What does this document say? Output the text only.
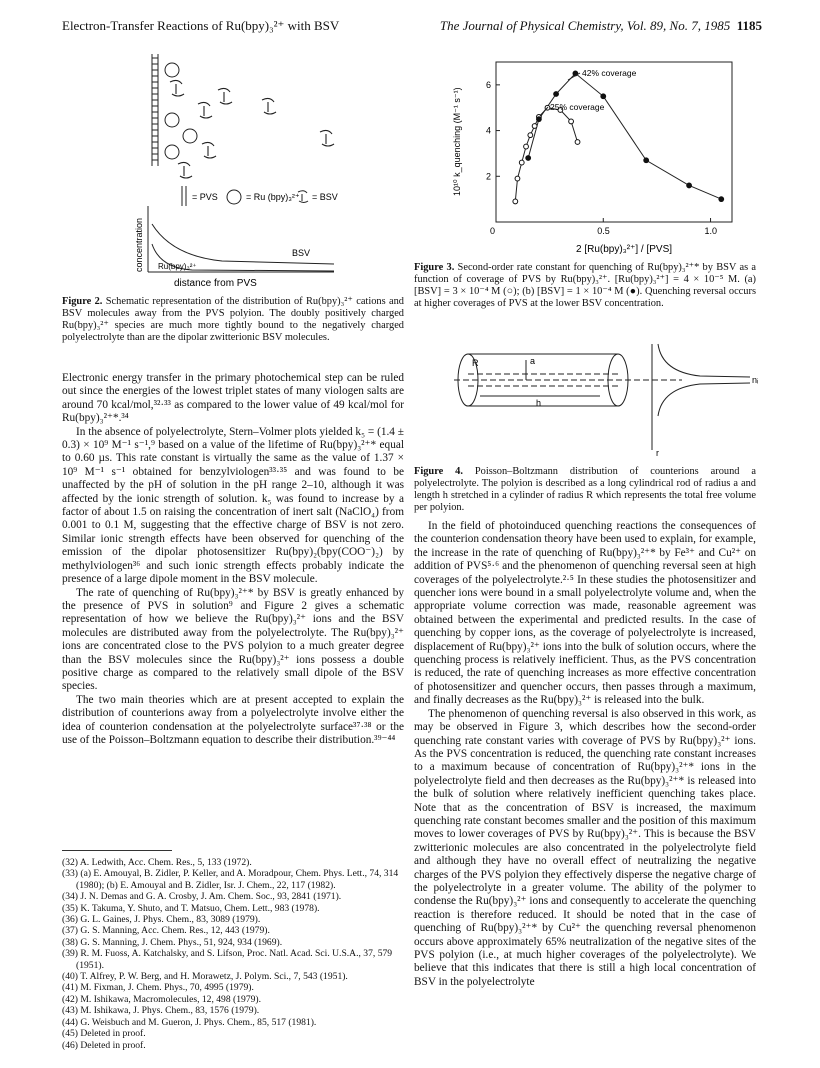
Electron-Transfer Reactions of Ru(bpy)₃²⁺ with BSV	The Journal of Physical Chemistry, Vol. 89, No. 7, 1985 1185
= PVS	= Ru (bpy)₃²⁺ = BSV
BSV
Ru(bpy)₃²⁺
concentration
distance from PVS
Figure 2. Schematic representation of the distribution of Ru(bpy)₃²⁺ cations and BSV molecules away from the PVS polyion. The doubly positively charged Ru(bpy)₃²⁺ species are much more tightly bound to the negatively charged polyelectrolyte than are the dipolar zwitterionic BSV molecules.

Electronic energy transfer in the primary photochemical step can be ruled out since the energies of the lowest triplet states of many viologen salts are around 70 kcal/mol,³²·³³ as compared to the lower value of 49 kcal/mol for Ru(bpy)₃²⁺*.³⁴

In the absence of polyelectrolyte, Stern–Volmer plots yielded k₅ = (1.4 ± 0.3) × 10⁹ M⁻¹ s⁻¹,⁹ based on a value of the lifetime of Ru(bpy)₃²⁺* equal to 0.60 µs. This rate constant is virtually the same as the value of 1.37 × 10⁹ M⁻¹ s⁻¹ obtained for benzylviologen³³·³⁵ and was found to be unaffected by the pH of solution in the pH range 2–10, although it was affected by the ionic strength of solution. k₅ was found to increase by a factor of about 1.5 on raising the concentration of inert salt (NaClO₄) from 0.001 to 0.1 M, suggesting that the effective charge of BSV is not zero. Similar ionic strength effects have been observed for quenching of the emission of the dipolar photosensitizer Ru(bpy)₂(bpy(COO⁻)₂) by methylviologen³⁶ and such ionic strength effects probably indicate the presence of a large dipole moment in the BSV molecule.

The rate of quenching of Ru(bpy)₃²⁺* by BSV is greatly enhanced by the presence of PVS in solution⁹ and Figure 2 gives a schematic representation of how we believe the Ru(bpy)₃²⁺ ions and the BSV molecules are distributed away from the polyelectrolyte. The Ru(bpy)₃²⁺ ions are concentrated close to the PVS polyion to a much greater degree than the BSV molecules since the Ru(bpy)₃²⁺ ions possess a double positive charge as compared to the relatively small dipole of the BSV species.

The two main theories which are at present accepted to explain the distribution of counterions away from a polyelectrolyte involve either the idea of counterion condensation at the polyelectrolyte surface³⁷·³⁸ or the use of the Poisson–Boltzmann equation to describe their distribution.³⁹⁻⁴⁴

(32) A. Ledwith, Acc. Chem. Res., 5, 133 (1972).
(33) (a) E. Amouyal, B. Zidler, P. Keller, and A. Moradpour, Chem. Phys. Lett., 74, 314 (1980); (b) E. Amouyal and B. Zidler, Isr. J. Chem., 22, 117 (1982).
(34) J. N. Demas and G. A. Crosby, J. Am. Chem. Soc., 93, 2841 (1971).
(35) K. Takuma, Y. Shuto, and T. Matsuo, Chem. Lett., 983 (1978).
(36) G. L. Gaines, J. Phys. Chem., 83, 3089 (1979).
(37) G. S. Manning, Acc. Chem. Res., 12, 443 (1979).
(38) G. S. Manning, J. Chem. Phys., 51, 924, 934 (1969).
(39) R. M. Fuoss, A. Katchalsky, and S. Lifson, Proc. Natl. Acad. Sci. U.S.A., 37, 579 (1951).
(40) T. Alfrey, P. W. Berg, and H. Morawetz, J. Polym. Sci., 7, 543 (1951).
(41) M. Fixman, J. Chem. Phys., 70, 4995 (1979).
(42) M. Ishikawa, Macromolecules, 12, 498 (1979).
(43) M. Ishikawa, J. Phys. Chem., 83, 1576 (1979).
(44) G. Weisbuch and M. Gueron, J. Phys. Chem., 85, 517 (1981).
(45) Deleted in proof.
(46) Deleted in proof.
0	0.5	1.0
2
4
6
42% coverage
25% coverage
2 [Ru(bpy)₃²⁺] / [PVS]
10¹⁰ k_quenching (M⁻¹ s⁻¹)
Figure 3. Second-order rate constant for quenching of Ru(bpy)₃²⁺* by BSV as a function of coverage of PVS by Ru(bpy)₃²⁺. [Ru(bpy)₃²⁺] = 4 × 10⁻⁵ M. (a) [BSV] = 3 × 10⁻⁴ M (○); (b) [BSV] = 1 × 10⁻⁴ M (●). Quenching reversal occurs at higher coverages of PVS at the lower BSV concentration.
R	a
h
nᵢ
r
Figure 4. Poisson–Boltzmann distribution of counterions around a polyelectrolyte. The polyion is described as a long cylindrical rod of radius a and length h stretched in a cylinder of radius R which represents the total free volume per polyion.

In the field of photoinduced quenching reactions the consequences of the counterion condensation theory have been used to explain, for example, the increase in the rate of quenching of Ru(bpy)₃²⁺* by Fe³⁺ and Cu²⁺ on addition of PVS⁵·⁶ and the phenomenon of quenching reversal seen at high coverages of the polyelectrolyte.²·⁵ In these studies the photosensitizer and quencher ions were bound in a small polyelectrolyte volume and, when the appropriate volume correction was made, reasonable agreement was obtained between the experimental and predicted results. In the case of quenching by copper ions, as the coverage of polyelectrolyte is increased, displacement of Ru(bpy)₃²⁺ ions into the bulk of solution occurs, where the quenching process is relatively inefficient. Thus, as the PVS concentration is reduced, the rate of quenching increases as more effective concentration of photosensitizer and quencher occurs, then passes through a maximum, and finally decreases as the Ru(bpy)₃²⁺ is released into the bulk.

The phenomenon of quenching reversal is also observed in this work, as may be observed in Figure 3, which describes how the second-order quenching rate constant varies with coverage of PVS by Ru(bpy)₃²⁺ ions. As the PVS concentration is reduced, the quenching rate constant increases to a maximum because of concentration of Ru(bpy)₃²⁺* ions in the polyelectrolyte field and then decreases as the Ru(bpy)₃²⁺* is released into the bulk of solution where relatively inefficient quenching takes place. Note that as the concentration of BSV is increased, the maximum quenching rate constant becomes smaller and the position of this maximum moves to lower coverages of PVS by Ru(bpy)₃²⁺. This is because the BSV zwitterionic molecules are also concentrated in the polyelectrolyte field and although they have no overall effect of neutralizing the negative charges of the PVS polyion they effectively disperse the negative charge of the polyelectrolyte in a greater volume. The ability of the polymer to condense the Ru(bpy)₃²⁺ ions and consequently to accelerate the quenching reaction is therefore reduced. It should be noted that in the case of quenching of Ru(bpy)₃²⁺* by Cu²⁺ the quenching reversal phenomenon occurs above approximately 65% neutralization of the negative sites of the PVS polyion (i.e., at much higher coverages of the polyelectrolyte). We believe that this indicates that there is still a high local concentration of BSV in the polyelectrolyte
